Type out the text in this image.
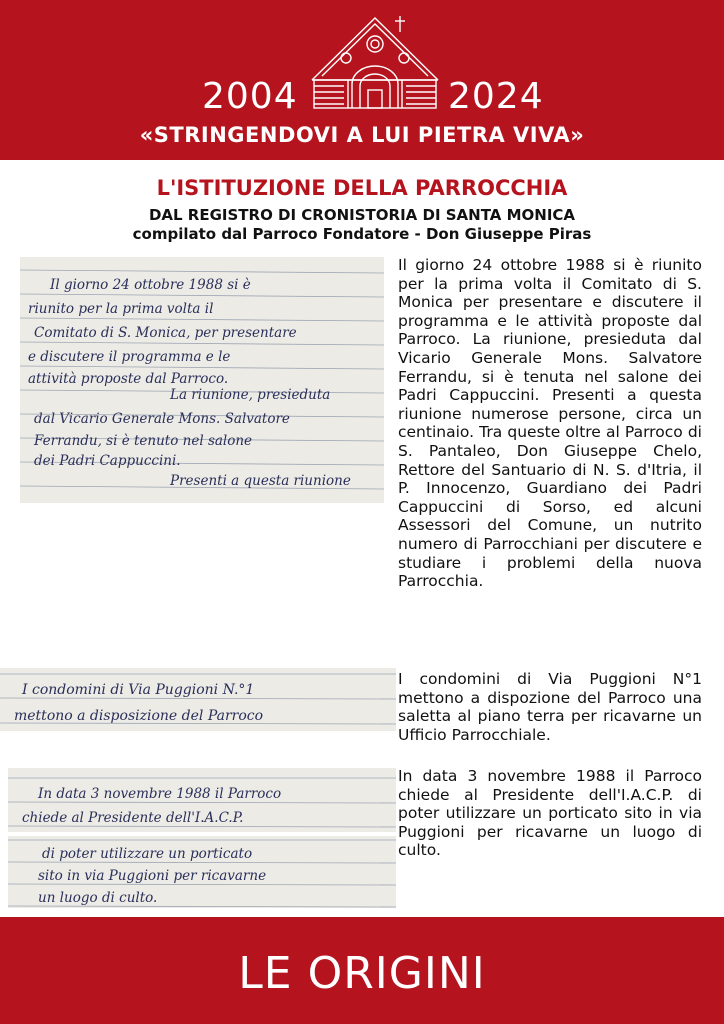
2004	2024
«STRINGENDOVI A LUI PIETRA VIVA»
L'ISTITUZIONE DELLA PARROCCHIA
DAL REGISTRO DI CRONISTORIA DI SANTA MONICA
compilato dal Parroco Fondatore - Don Giuseppe Piras
Il giorno 24 ottobre 1988 si è
riunito per la prima volta il
Comitato di S. Monica, per presentare
e discutere il programma e le
attività proposte dal Parroco.
La riunione, presieduta
dal Vicario Generale Mons. Salvatore
Ferrandu, si è tenuto nel salone
dei Padri Cappuccini.
Presenti a questa riunione
I condomini di Via Puggioni N.°1
mettono a disposizione del Parroco
In data 3 novembre 1988 il Parroco
chiede al Presidente dell'I.A.C.P.
di poter utilizzare un porticato
sito in via Puggioni per ricavarne
un luogo di culto.

Il giorno 24 ottobre 1988 si è riunito per la prima volta il Comitato di S. Monica per presentare e discutere il programma e le attività proposte dal Parroco. La riunione, presieduta dal Vicario Generale Mons. Salvatore Ferrandu, si è tenuta nel salone dei Padri Cappuccini. Presenti a questa riunione numerose persone, circa un centinaio. Tra queste oltre al Parroco di S. Pantaleo, Don Giuseppe Chelo, Rettore del Santuario di N. S. d'Itria, il P. Innocenzo, Guardiano dei Padri Cappuccini di Sorso, ed alcuni Assessori del Comune, un nutrito numero di Parrocchiani per discutere e studiare i problemi della nuova Parrocchia.

I condomini di Via Puggioni N°1 mettono a dispozione del Parroco una saletta al piano terra per ricavarne un Ufficio Parrocchiale.

In data 3 novembre 1988 il Parroco chiede al Presidente dell'I.A.C.P. di poter utilizzare un porticato sito in via Puggioni per ricavarne un luogo di culto.

LE ORIGINI
